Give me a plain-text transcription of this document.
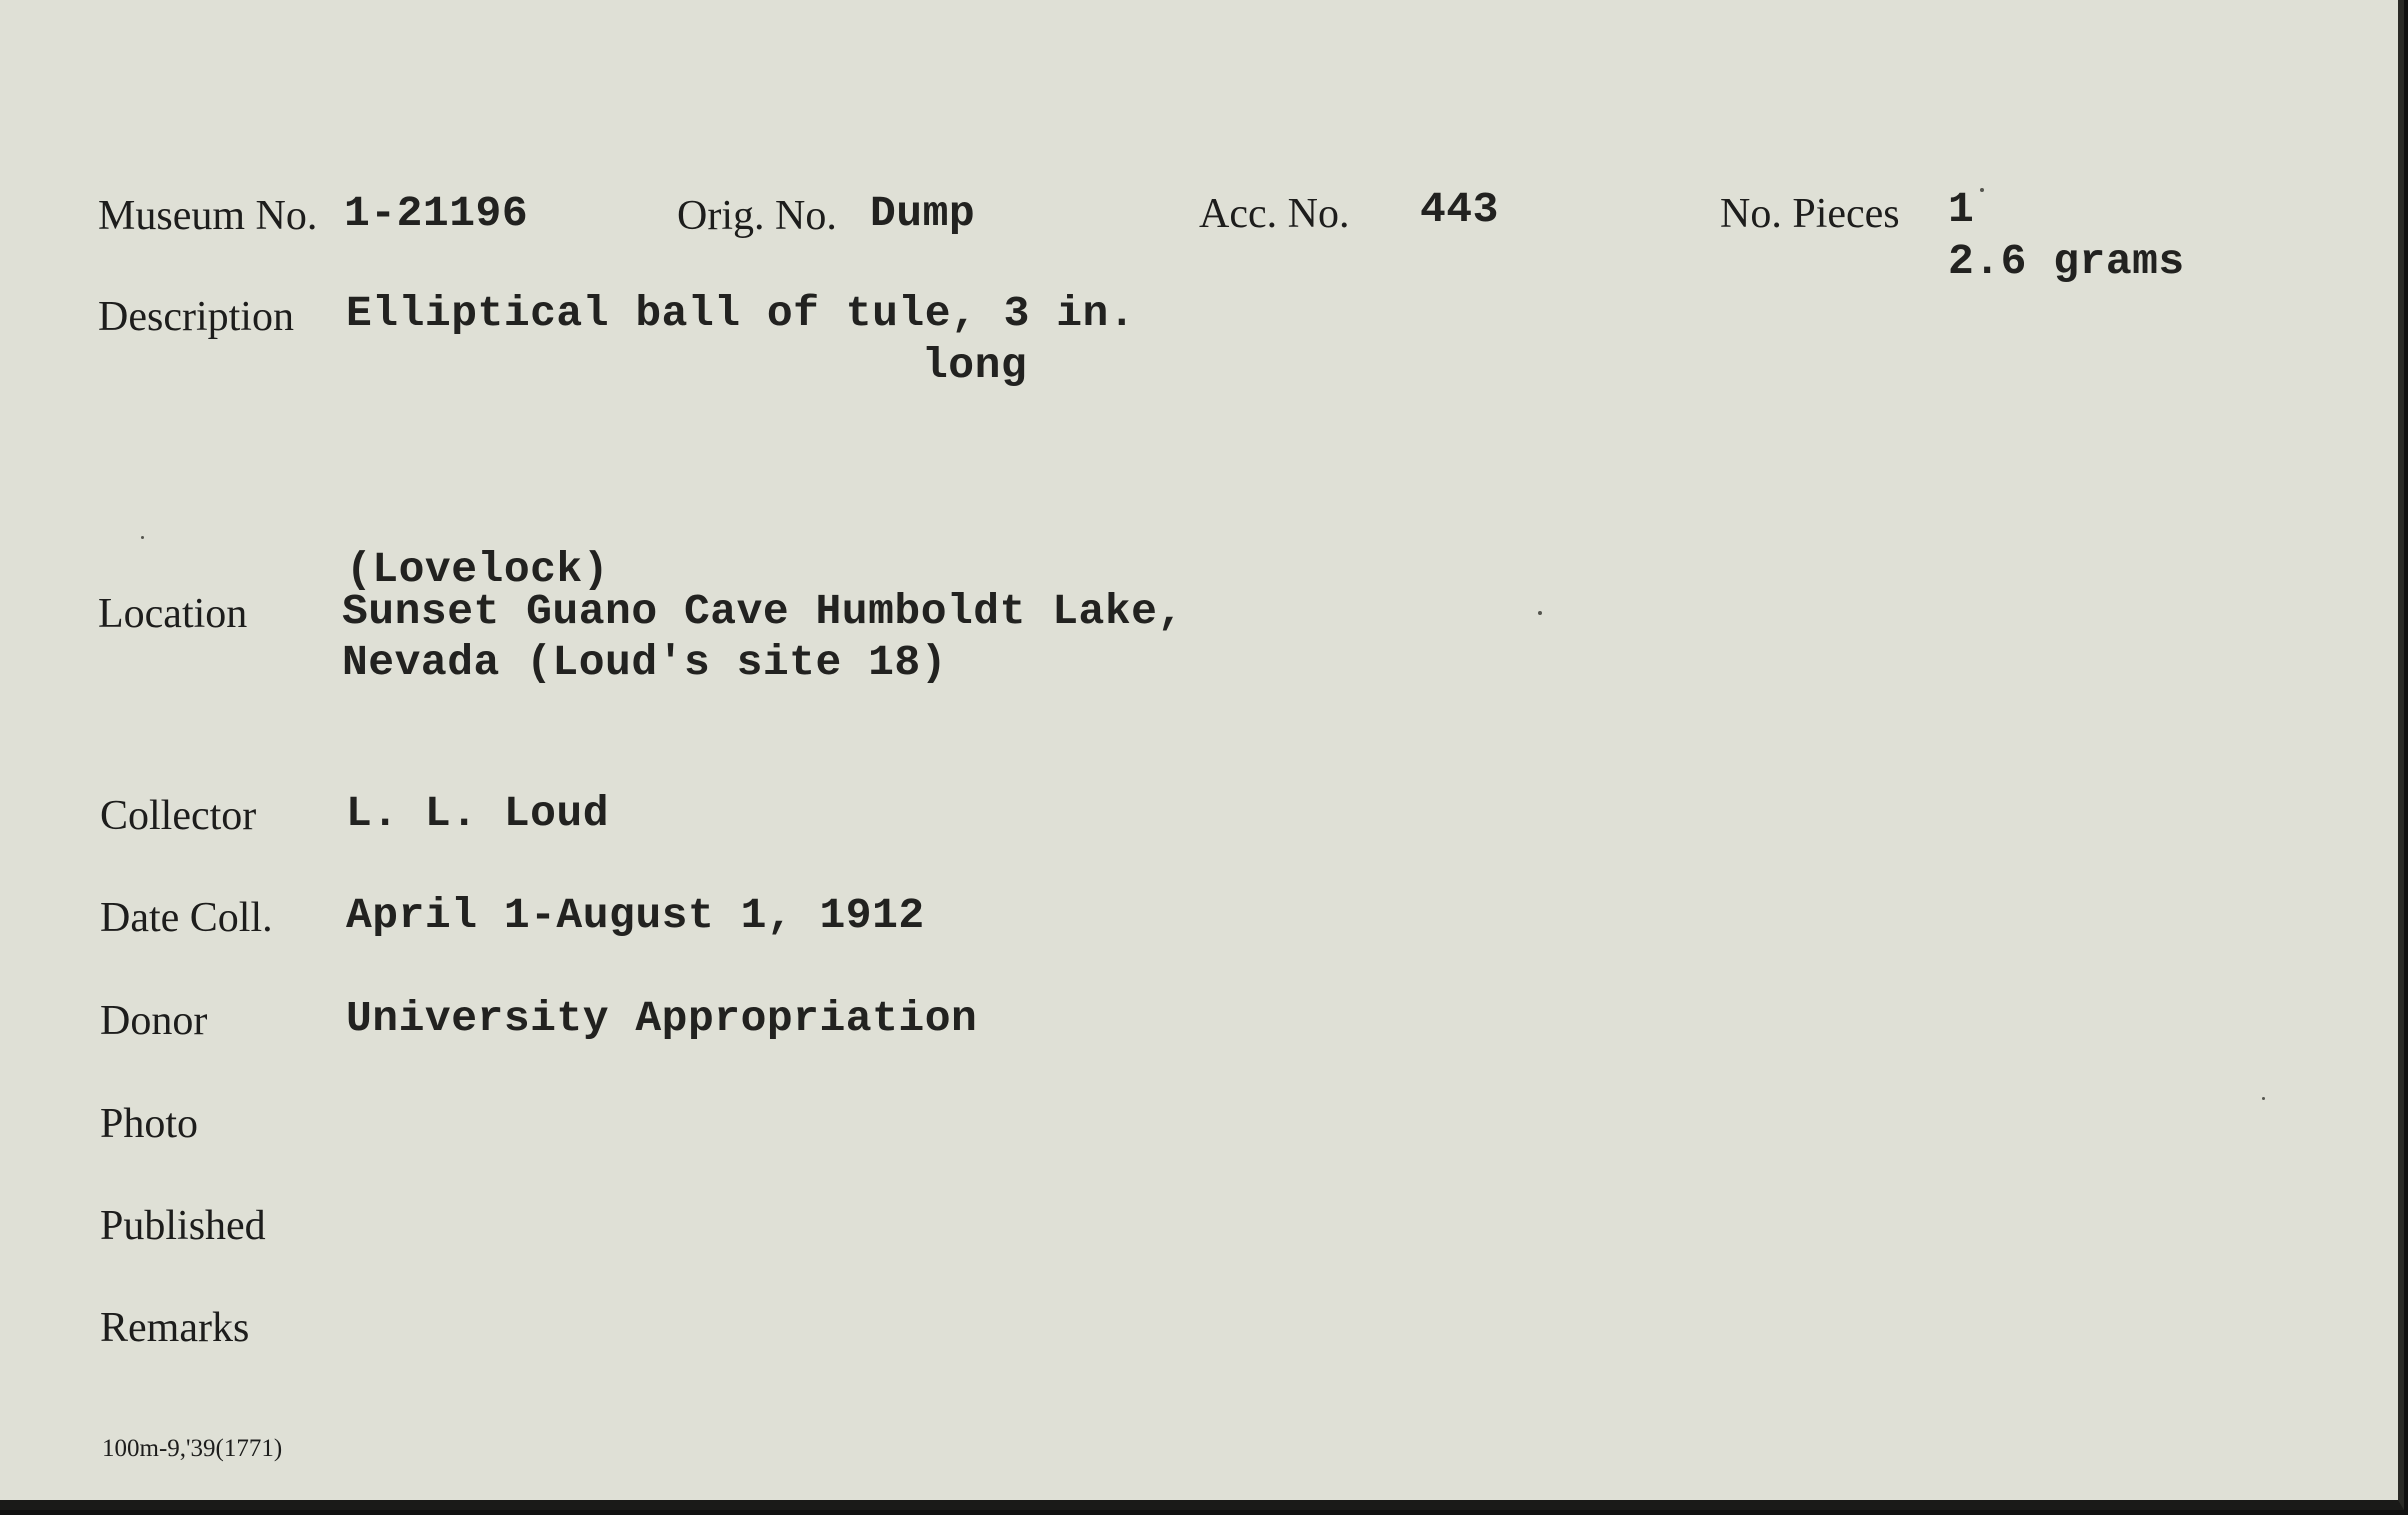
Museum No. 1-21196	Orig. No. Dump	Acc. No. 443	No. Pieces 1
2.6 grams
Description Elliptical ball of tule, 3 in.
long
(Lovelock)
Location Sunset Guano Cave Humboldt Lake,
Nevada (Loud's site 18)
Collector L. L. Loud
Date Coll. April 1-August 1, 1912
Donor	University Appropriation
Photo
Published
Remarks
100m-9,'39(1771)
